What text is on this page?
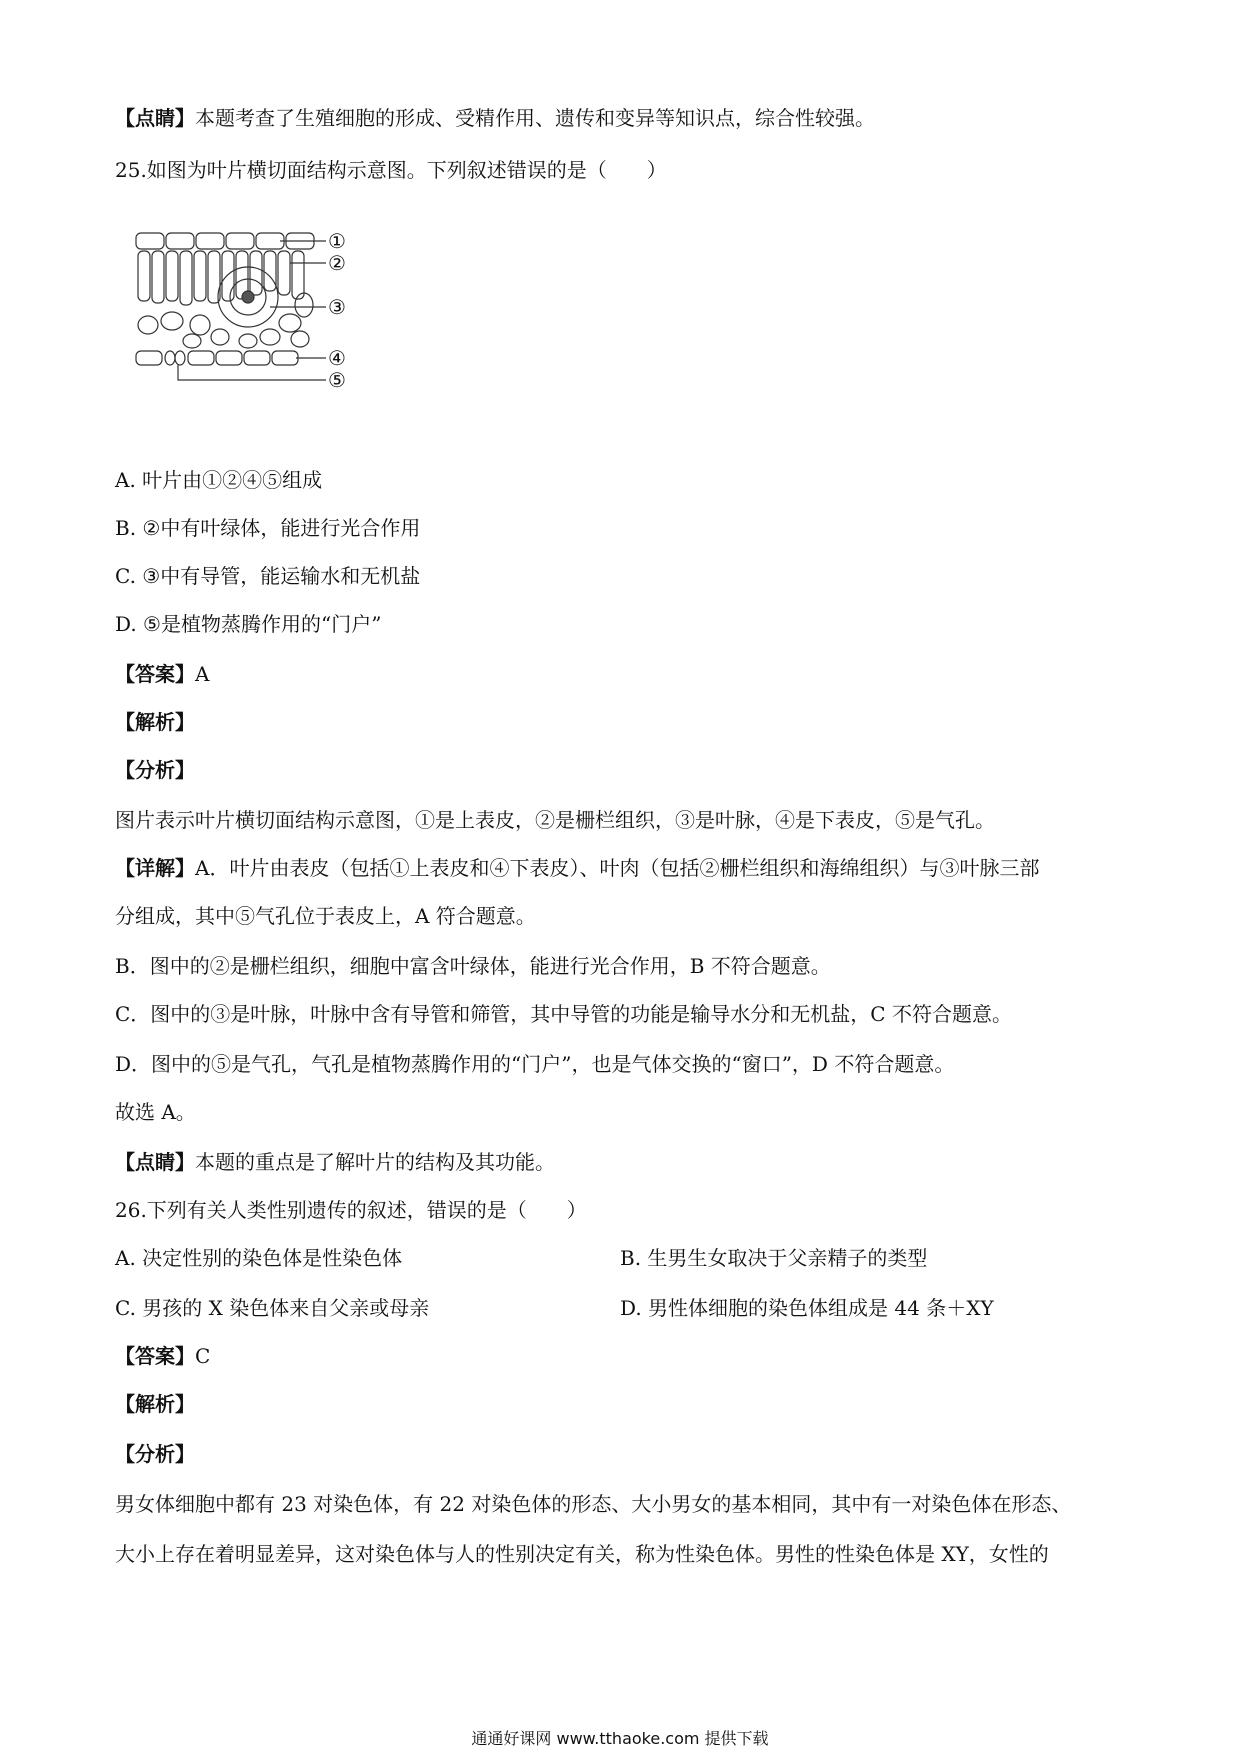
【点睛】本题考查了生殖细胞的形成、受精作用、遗传和变异等知识点，综合性较强。
25.如图为叶片横切面结构示意图。下列叙述错误的是（　　）
①
②
③
④
⑤
A. 叶片由①②④⑤组成
B. ②中有叶绿体，能进行光合作用
C. ③中有导管，能运输水和无机盐
D. ⑤是植物蒸腾作用的“门户”
【答案】A
【解析】
【分析】
图片表示叶片横切面结构示意图，①是上表皮，②是栅栏组织，③是叶脉，④是下表皮，⑤是气孔。
【详解】A．叶片由表皮（包括①上表皮和④下表皮）、叶肉（包括②栅栏组织和海绵组织）与③叶脉三部
分组成，其中⑤气孔位于表皮上，A 符合题意。
B．图中的②是栅栏组织，细胞中富含叶绿体，能进行光合作用，B 不符合题意。
C．图中的③是叶脉，叶脉中含有导管和筛管，其中导管的功能是输导水分和无机盐，C 不符合题意。
D．图中的⑤是气孔，气孔是植物蒸腾作用的“门户”，也是气体交换的“窗口”，D 不符合题意。
故选 A。
【点睛】本题的重点是了解叶片的结构及其功能。
26.下列有关人类性别遗传的叙述，错误的是（　　）
A. 决定性别的染色体是性染色体	B. 生男生女取决于父亲精子的类型
C. 男孩的 X 染色体来自父亲或母亲	D. 男性体细胞的染色体组成是 44 条＋XY
【答案】C
【解析】
【分析】
男女体细胞中都有 23 对染色体，有 22 对染色体的形态、大小男女的基本相同，其中有一对染色体在形态、
大小上存在着明显差异，这对染色体与人的性别决定有关，称为性染色体。男性的性染色体是 XY，女性的
通通好课网 www.tthaoke.com 提供下载
